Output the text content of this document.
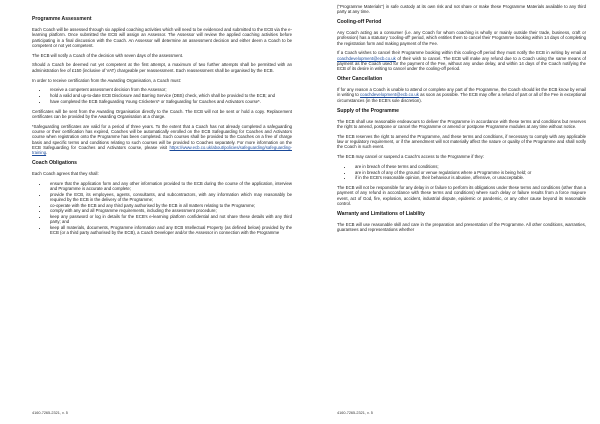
Programme Assessment

Each Coach will be assessed through six applied coaching activities which will need to be evidenced and submitted to the ECB via the e-learning platform. Once submitted the ECB will assign an Assessor. The Assessor will review the applied coaching activities before participating in a final discussion with the Coach. An Assessor will determine an assessment decision and either deem a Coach to be competent or not yet competent.

The ECB will notify a Coach of the decision with seven days of the assessment.

Should a Coach be deemed not yet competent at the first attempt, a maximum of two further attempts shall be permitted with an administration fee of £150 (inclusive of VAT) chargeable per reassessment. Each reassessment shall be organised by the ECB.

In order to receive certification from the Awarding Organisation, a Coach must:

• receive a competent assessment decision from the Assessor;
• hold a valid and up-to-date ECB Disclosure and Barring Service (DBS) check, which shall be provided to the ECB; and
• have completed the ECB Safeguarding Young Cricketers* or Safeguarding for Coaches and Activators course*.

Certificates will be sent from the Awarding Organisation directly to the Coach. The ECB will not be sent or hold a copy. Replacement certificates can be provided by the Awarding Organisation at a charge.

*Safeguarding certificates are valid for a period of three years. To the extent that a Coach has not already completed a safeguarding course or their certification has expired, Coaches will be automatically enrolled on the ECB Safeguarding for Coaches and Activators course when registration onto the Programme has been completed. Such courses shall be provided to the Coaches on a free of charge basis and specific terms and conditions relating to such courses will be provided to Coaches separately. For more information on the ECB Safeguarding for Coaches and Activators course, please visit https://www.ecb.co.uk/about/policies/safeguarding/safeguarding-training.

Coach Obligations

Each Coach agrees that they shall:

• ensure that the application form and any other information provided to the ECB during the course of the application, interview and Programme is accurate and complete;
• provide the ECB, its employees, agents, consultants, and subcontractors, with any information which may reasonably be required by the ECB in the delivery of the Programme;
• co-operate with the ECB and any third party authorised by the ECB in all matters relating to the Programme;
• comply with any and all Programme requirements, including the assessment procedure;
• keep any password or log in details for the ECB's e-learning platform confidential and not share these details with any third party; and
• keep all materials, documents, Programme information and any ECB Intellectual Property (as defined below) provided by the ECB (or a third party authorised by the ECB), a Coach Developer and/or the Assessor in connection with the Programme
4160-7265-2321, v. 5

("Programme Materials") in safe custody at its own risk and not share or make these Programme Materials available to any third party at any time.

Cooling-off Period

Any Coach acting as a consumer (i.e. any Coach for whom coaching is wholly or mainly outside their trade, business, craft or profession) has a statutory 'cooling-off' period, which entitles them to cancel their Programme booking within 14 days of completing the registration form and making payment of the Fee.

If a Coach wishes to cancel their Programme booking within this cooling-off period they must notify the ECB in writing by email at coachdevelopment@ecb.co.uk of their wish to cancel. The ECB will make any refund due to a Coach using the same means of payment as the Coach used for the payment of the Fee, without any undue delay, and within 14 days of the Coach notifying the ECB of its desire in writing to cancel under the cooling-off period.

Other Cancellation

If for any reason a Coach is unable to attend or complete any part of the Programme, the Coach should let the ECB know by email in writing to coachdevelopment@ecb.co.uk as soon as possible. The ECB may offer a refund of part or all of the Fee in exceptional circumstances (in the ECB's sole discretion).

Supply of the Programme

The ECB shall use reasonable endeavours to deliver the Programme in accordance with these terms and conditions but reserves the right to amend, postpone or cancel the Programme or amend or postpone Programme modules at any time without notice.

The ECB reserves the right to amend the Programme, and these terms and conditions, if necessary to comply with any applicable law or regulatory requirement, or if the amendment will not materially affect the nature or quality of the Programme and shall notify the Coach in such event.

The ECB may cancel or suspend a Coach's access to the Programme if they:

• are in breach of these terms and conditions;
• are in breach of any of the ground or venue regulations where a Programme is being held; or
• if in the ECB's reasonable opinion, their behaviour is abusive, offensive, or unacceptable.

The ECB will not be responsible for any delay in or failure to perform its obligations under these terms and conditions (other than a payment of any refund in accordance with these terms and conditions) where such delay or failure results from a force majeure event, act of God, fire, explosion, accident, industrial dispute, epidemic or pandemic, or any other cause beyond its reasonable control.

Warranty and Limitations of Liability

The ECB will use reasonable skill and care in the preparation and presentation of the Programme. All other conditions, warranties, guarantees and representations whether

4160-7265-2321, v. 5
